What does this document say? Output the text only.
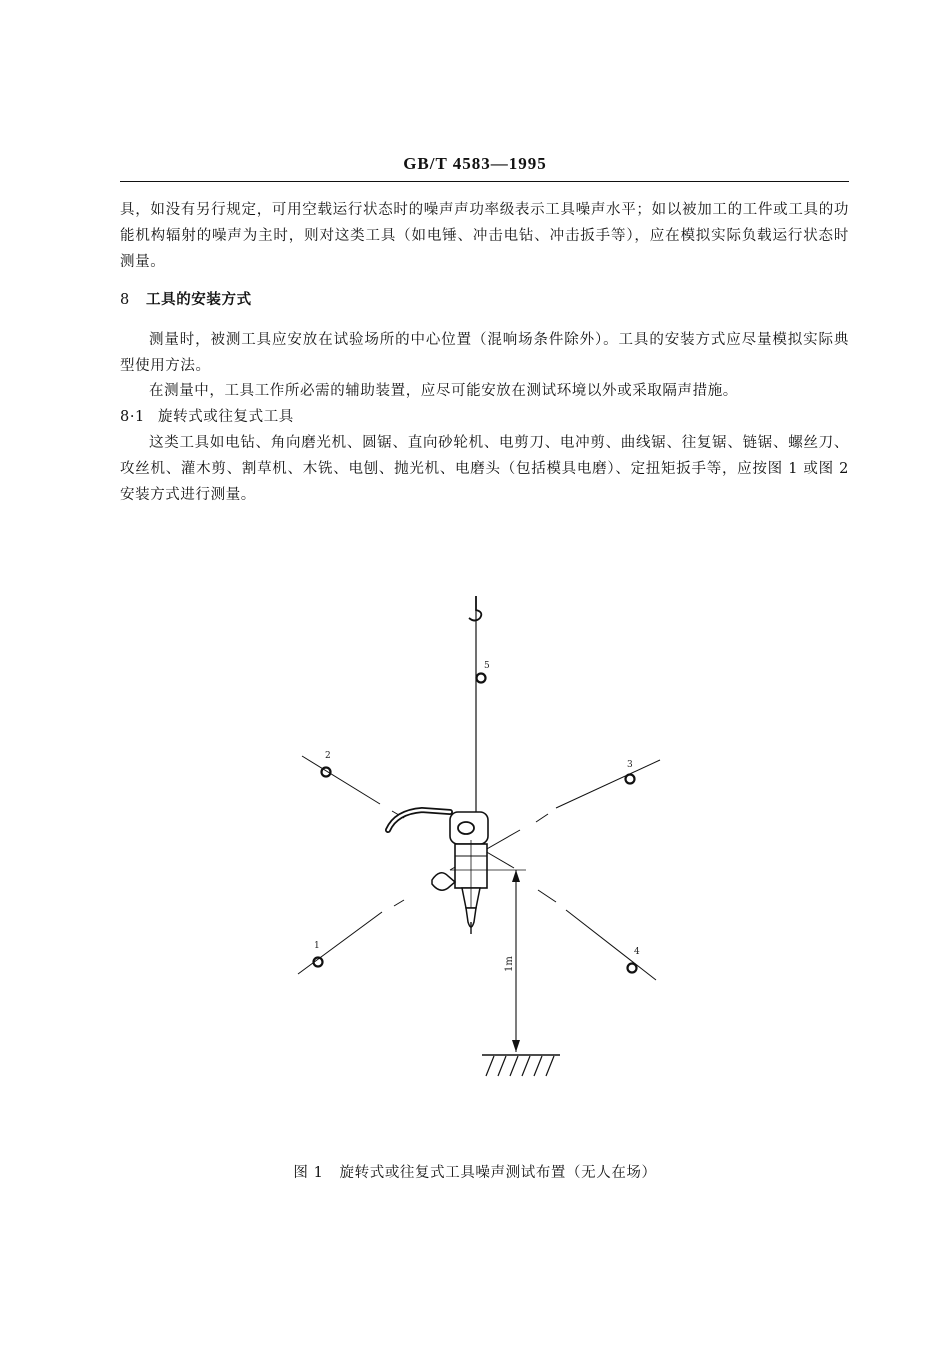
GB/T 4583—1995
具，如没有另行规定，可用空载运行状态时的噪声声功率级表示工具噪声水平；如以被加工的工件或工具的功能机构辐射的噪声为主时，则对这类工具（如电锤、冲击电钻、冲击扳手等），应在模拟实际负载运行状态时测量。
8 工具的安装方式
测量时，被测工具应安放在试验场所的中心位置（混响场条件除外）。工具的安装方式应尽量模拟实际典型使用方法。
在测量中，工具工作所必需的辅助装置，应尽可能安放在测试环境以外或采取隔声措施。
8·1 旋转式或往复式工具
这类工具如电钻、角向磨光机、圆锯、直向砂轮机、电剪刀、电冲剪、曲线锯、往复锯、链锯、螺丝刀、攻丝机、灌木剪、割草机、木铣、电刨、抛光机、电磨头（包括模具电磨）、定扭矩扳手等，应按图 1 或图 2 安装方式进行测量。
1
2
3
4
5
1m
图 1 旋转式或往复式工具噪声测试布置（无人在场）
